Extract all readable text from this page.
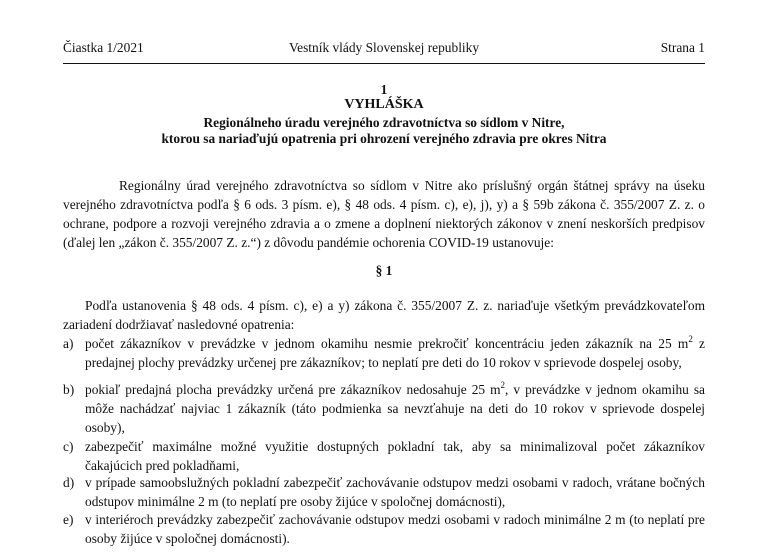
Vestník vlády Slovenskej republiky
Čiastka 1/2021	Strana 1
1
VYHLÁŠKA
Regionálneho úradu verejného zdravotníctva so sídlom v Nitre,
ktorou sa nariaďujú opatrenia pri ohrození verejného zdravia pre okres Nitra
Regionálny úrad verejného zdravotníctva so sídlom v Nitre ako príslušný orgán štátnej správy na úseku verejného zdravotníctva podľa § 6 ods. 3 písm. e), § 48 ods. 4 písm. c), e), j), y) a § 59b zákona č. 355/2007 Z. z. o ochrane, podpore a rozvoji verejného zdravia a o zmene a doplnení niektorých zákonov v znení neskorších predpisov (ďalej len „zákon č. 355/2007 Z. z.“) z dôvodu pandémie ochorenia COVID-19 ustanovuje:
§ 1
Podľa ustanovenia § 48 ods. 4 písm. c), e) a y) zákona č. 355/2007 Z. z. nariaďuje všetkým prevádzkovateľom zariadení dodržiavať nasledovné opatrenia:
a) počet zákazníkov v prevádzke v jednom okamihu nesmie prekročiť koncentráciu jeden zákazník na 25 $m^2$ z predajnej plochy prevádzky určenej pre zákazníkov; to neplatí pre deti do 10 rokov v sprievode dospelej osoby,
b) pokiaľ predajná plocha prevádzky určená pre zákazníkov nedosahuje 25 $m^2$, v prevádzke v jednom okamihu sa môže nachádzať najviac 1 zákazník (táto podmienka sa nevzťahuje na deti do 10 rokov v sprievode dospelej osoby),
c) zabezpečiť maximálne možné využitie dostupných pokladní tak, aby sa minimalizoval počet zákazníkov čakajúcich pred pokladňami,
d) v prípade samoobslužných pokladní zabezpečiť zachovávanie odstupov medzi osobami v radoch, vrátane bočných odstupov minimálne 2 m (to neplatí pre osoby žijúce v spoločnej domácnosti),
e) v interiéroch prevádzky zabezpečiť zachovávanie odstupov medzi osobami v radoch minimálne 2 m (to neplatí pre osoby žijúce v spoločnej domácnosti).
